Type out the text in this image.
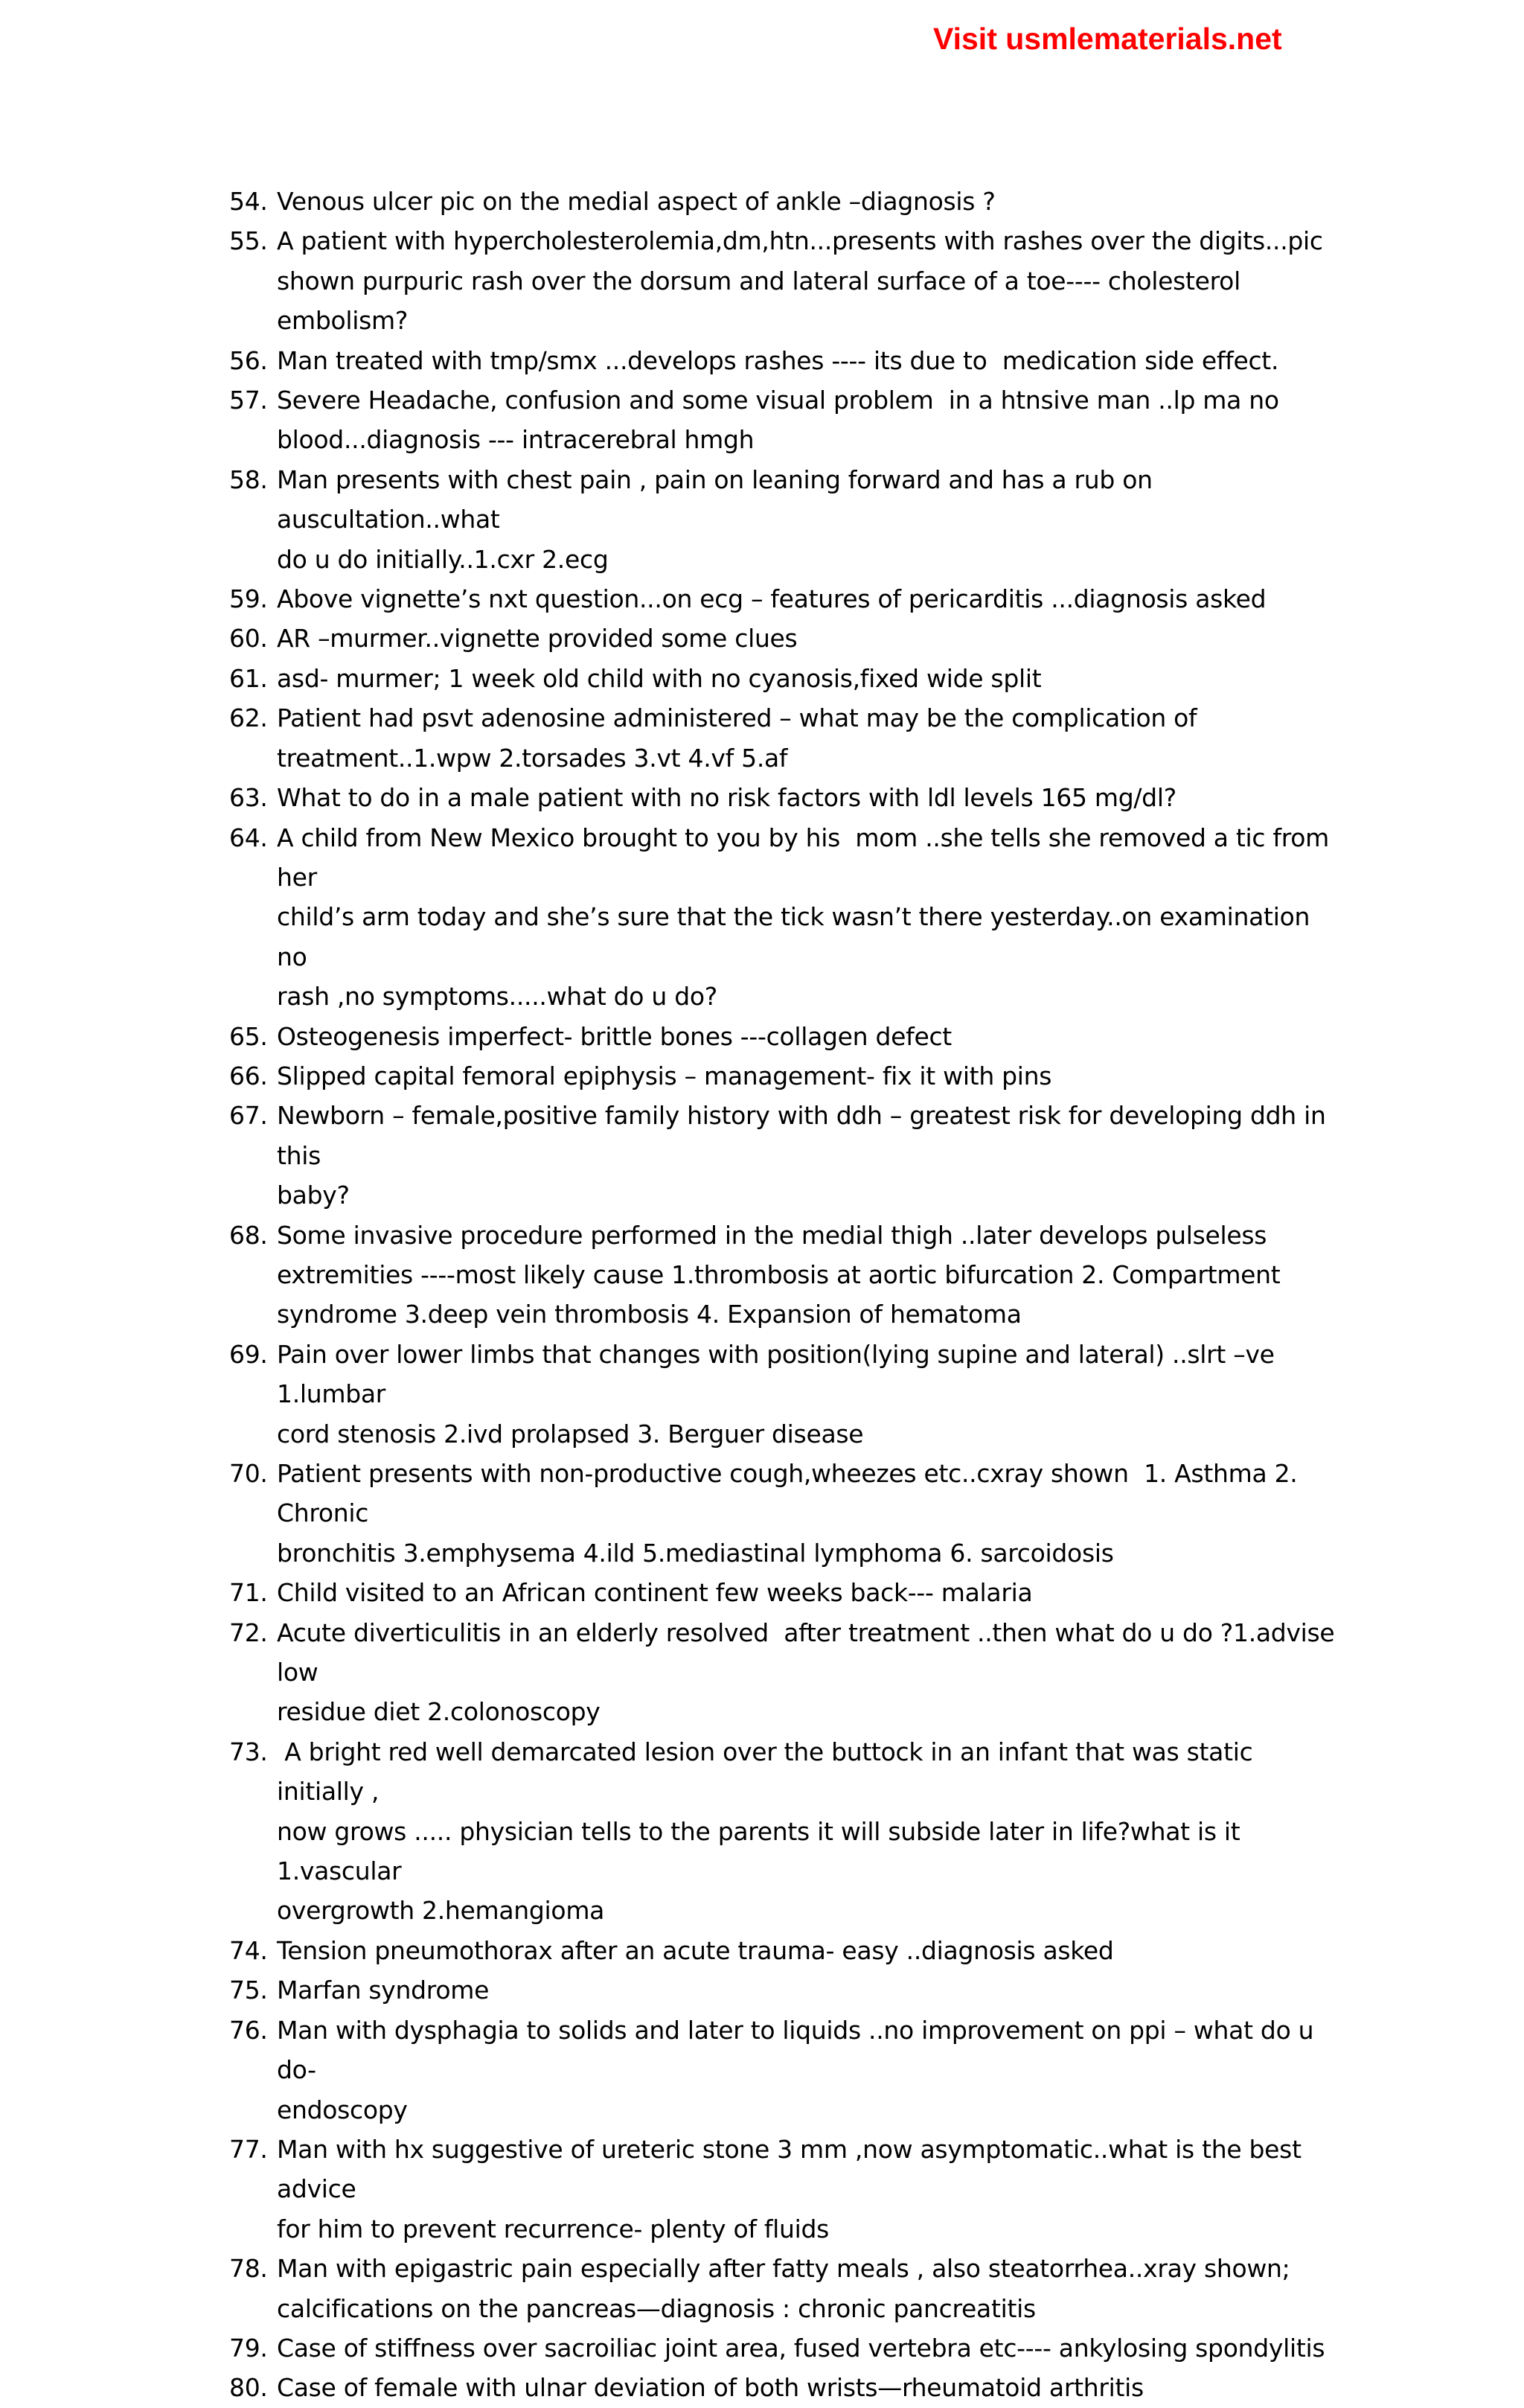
Visit usmlematerials.net
54. Venous ulcer pic on the medial aspect of ankle –diagnosis ?
55. A patient with hypercholesterolemia,dm,htn...presents with rashes over the digits...pic
shown purpuric rash over the dorsum and lateral surface of a toe---- cholesterol embolism?
56. Man treated with tmp/smx ...develops rashes ---- its due to  medication side effect.
57. Severe Headache, confusion and some visual problem  in a htnsive man ..lp ma no
blood...diagnosis --- intracerebral hmgh
58. Man presents with chest pain , pain on leaning forward and has a rub on auscultation..what
do u do initially..1.cxr 2.ecg
59. Above vignette’s nxt question...on ecg – features of pericarditis ...diagnosis asked
60. AR –murmer..vignette provided some clues
61. asd- murmer; 1 week old child with no cyanosis,fixed wide split
62. Patient had psvt adenosine administered – what may be the complication of
treatment..1.wpw 2.torsades 3.vt 4.vf 5.af
63. What to do in a male patient with no risk factors with ldl levels 165 mg/dl?
64. A child from New Mexico brought to you by his  mom ..she tells she removed a tic from her
child’s arm today and she’s sure that the tick wasn’t there yesterday..on examination no
rash ,no symptoms.....what do u do?
65. Osteogenesis imperfect- brittle bones ---collagen defect
66. Slipped capital femoral epiphysis – management- fix it with pins
67. Newborn – female,positive family history with ddh – greatest risk for developing ddh in this
baby?
68. Some invasive procedure performed in the medial thigh ..later develops pulseless
extremities ----most likely cause 1.thrombosis at aortic bifurcation 2. Compartment
syndrome 3.deep vein thrombosis 4. Expansion of hematoma
69. Pain over lower limbs that changes with position(lying supine and lateral) ..slrt –ve 1.lumbar
cord stenosis 2.ivd prolapsed 3. Berguer disease
70. Patient presents with non-productive cough,wheezes etc..cxray shown  1. Asthma 2. Chronic
bronchitis 3.emphysema 4.ild 5.mediastinal lymphoma 6. sarcoidosis
71. Child visited to an African continent few weeks back--- malaria
72. Acute diverticulitis in an elderly resolved  after treatment ..then what do u do ?1.advise low
residue diet 2.colonoscopy
73. A bright red well demarcated lesion over the buttock in an infant that was static initially ,
now grows ..... physician tells to the parents it will subside later in life?what is it 1.vascular
overgrowth 2.hemangioma
74. Tension pneumothorax after an acute trauma- easy ..diagnosis asked
75. Marfan syndrome
76. Man with dysphagia to solids and later to liquids ..no improvement on ppi – what do u do-
endoscopy
77. Man with hx suggestive of ureteric stone 3 mm ,now asymptomatic..what is the best advice
for him to prevent recurrence- plenty of fluids
78. Man with epigastric pain especially after fatty meals , also steatorrhea..xray shown;
calcifications on the pancreas—diagnosis : chronic pancreatitis
79. Case of stiffness over sacroiliac joint area, fused vertebra etc---- ankylosing spondylitis
80. Case of female with ulnar deviation of both wrists—rheumatoid arthritis
